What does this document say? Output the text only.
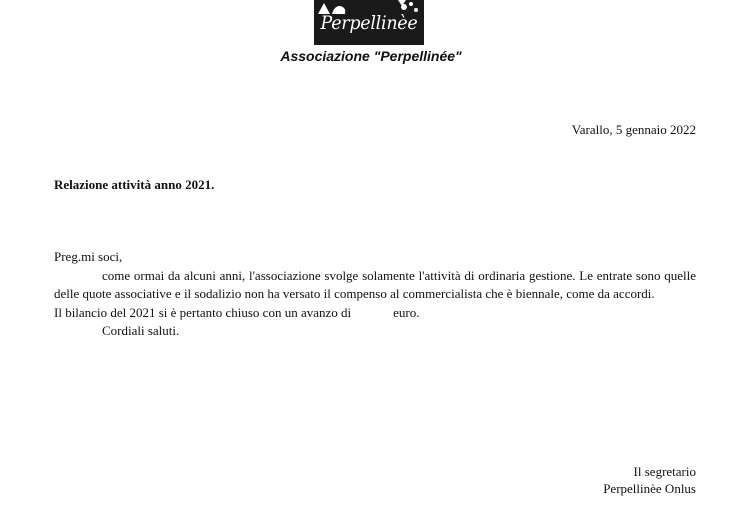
Perpellinèe
Associazione "Perpellinée"
Varallo, 5 gennaio 2022
Relazione attività anno 2021.

Preg.mi soci,

come ormai da alcuni anni, l'associazione svolge solamente l'attività di ordinaria gestione. Le entrate sono quelle delle quote associative e il sodalizio non ha versato il compenso al commercialista che è biennale, come da accordi.

Il bilancio del 2021 si è pertanto chiuso con un avanzo di	euro.

Cordiali saluti.

Il segretario
Perpellinèe Onlus
